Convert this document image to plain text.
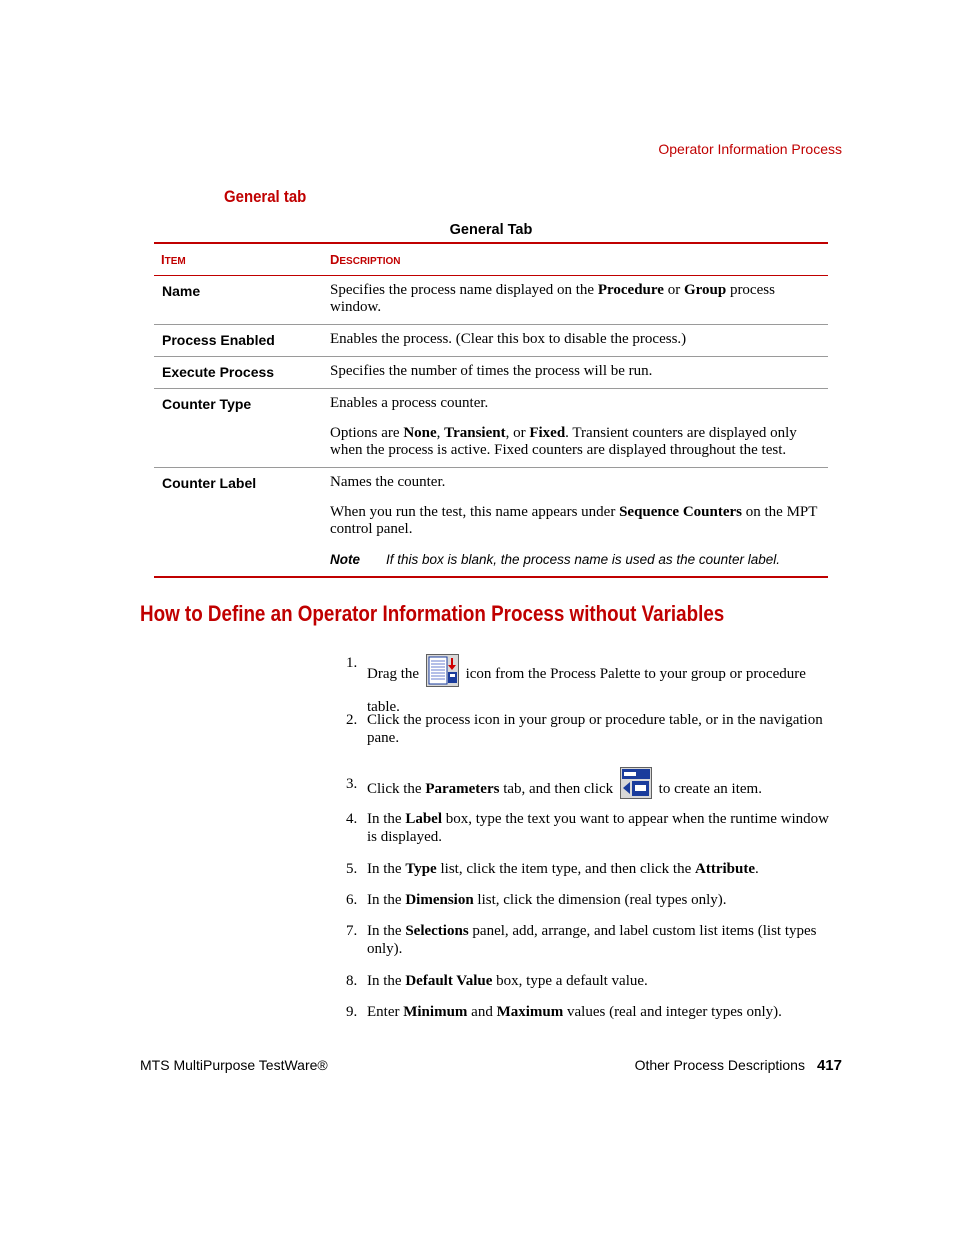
Operator Information Process
General tab
General Tab
ITEM	DESCRIPTION
Name	Specifies the process name displayed on the Procedure or Group process window.

Process Enabled	Enables the process. (Clear this box to disable the process.)

Execute Process	Specifies the number of times the process will be run.

Counter Type	Enables a process counter.

Options are None, Transient, or Fixed. Transient counters are displayed only when the process is active. Fixed counters are displayed throughout the test.

Counter Label	Names the counter.

When you run the test, this name appears under Sequence Counters on the MPT control panel.

Note	If this box is blank, the process name is used as the counter label.
How to Define an Operator Information Process without Variables
1.
Drag the	icon from the Process Palette to your group or procedure table.
2. Click the process icon in your group or procedure table, or in the navigation pane.
3. Click the Parameters tab, and then click	to create an item.
4. In the Label box, type the text you want to appear when the runtime window is displayed.
5. In the Type list, click the item type, and then click the Attribute.
6. In the Dimension list, click the dimension (real types only).
7. In the Selections panel, add, arrange, and label custom list items (list types only).
8. In the Default Value box, type a default value.
9. Enter Minimum and Maximum values (real and integer types only).
MTS MultiPurpose TestWare®	Other Process Descriptions 417
